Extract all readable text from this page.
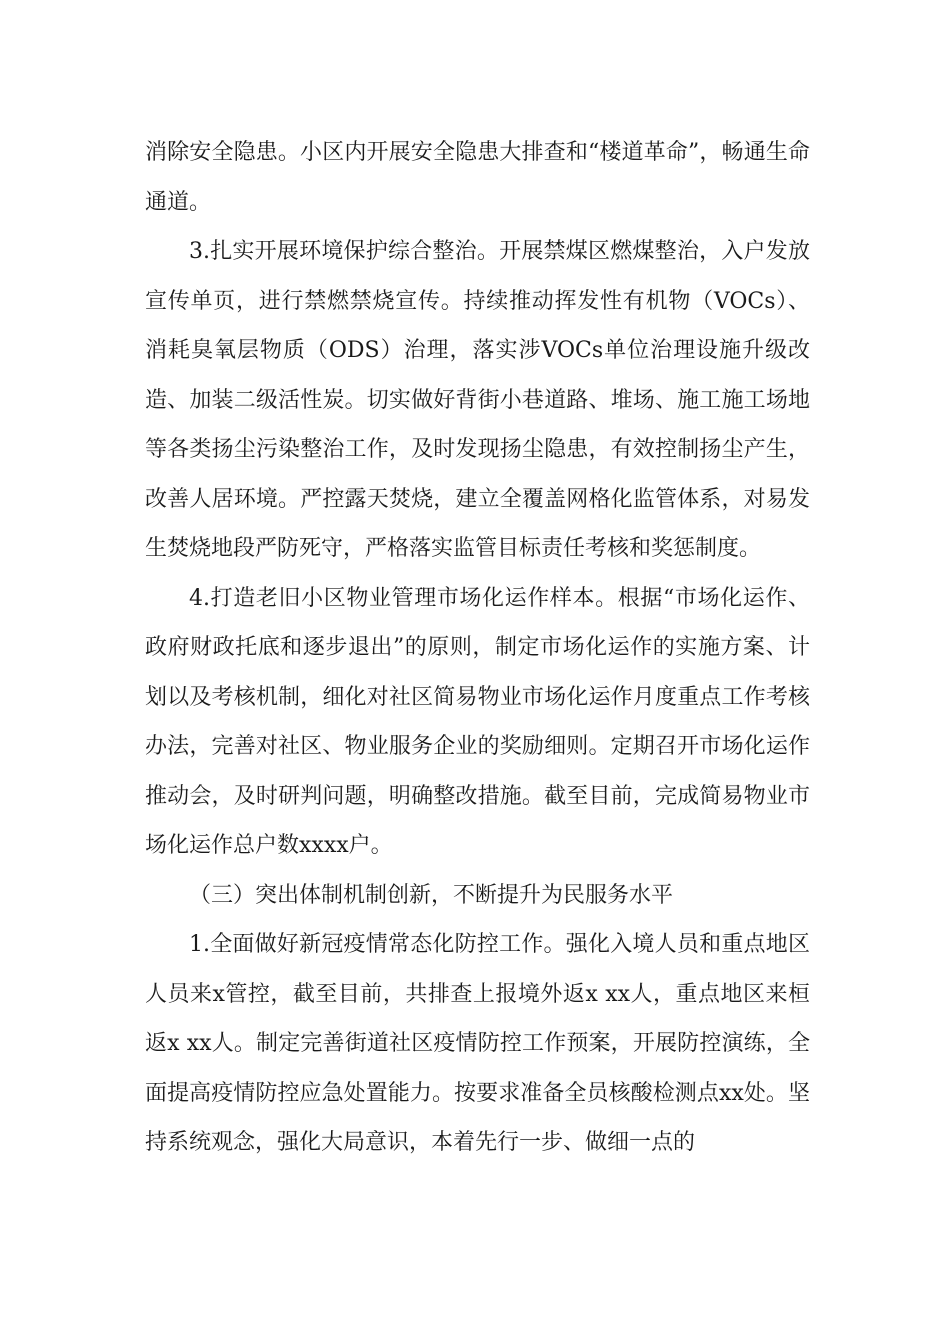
消除安全隐患。小区内开展安全隐患大排查和“楼道革命”，畅通生命通道。

3.扎实开展环境保护综合整治。开展禁煤区燃煤整治，入户发放宣传单页，进行禁燃禁烧宣传。持续推动挥发性有机物（VOCs）、消耗臭氧层物质（ODS）治理，落实涉VOCs单位治理设施升级改造、加装二级活性炭。切实做好背街小巷道路、堆场、施工施工场地等各类扬尘污染整治工作，及时发现扬尘隐患，有效控制扬尘产生，改善人居环境。严控露天焚烧，建立全覆盖网格化监管体系，对易发生焚烧地段严防死守，严格落实监管目标责任考核和奖惩制度。

4.打造老旧小区物业管理市场化运作样本。根据“市场化运作、政府财政托底和逐步退出”的原则，制定市场化运作的实施方案、计划以及考核机制，细化对社区简易物业市场化运作月度重点工作考核办法，完善对社区、物业服务企业的奖励细则。定期召开市场化运作推动会，及时研判问题，明确整改措施。截至目前，完成简易物业市场化运作总户数xxxx户。

（三）突出体制机制创新，不断提升为民服务水平

1.全面做好新冠疫情常态化防控工作。强化入境人员和重点地区人员来x管控，截至目前，共排查上报境外返x xx人，重点地区来桓返x xx人。制定完善街道社区疫情防控工作预案，开展防控演练，全面提高疫情防控应急处置能力。按要求准备全员核酸检测点xx处。坚持系统观念，强化大局意识，本着先行一步、做细一点的
